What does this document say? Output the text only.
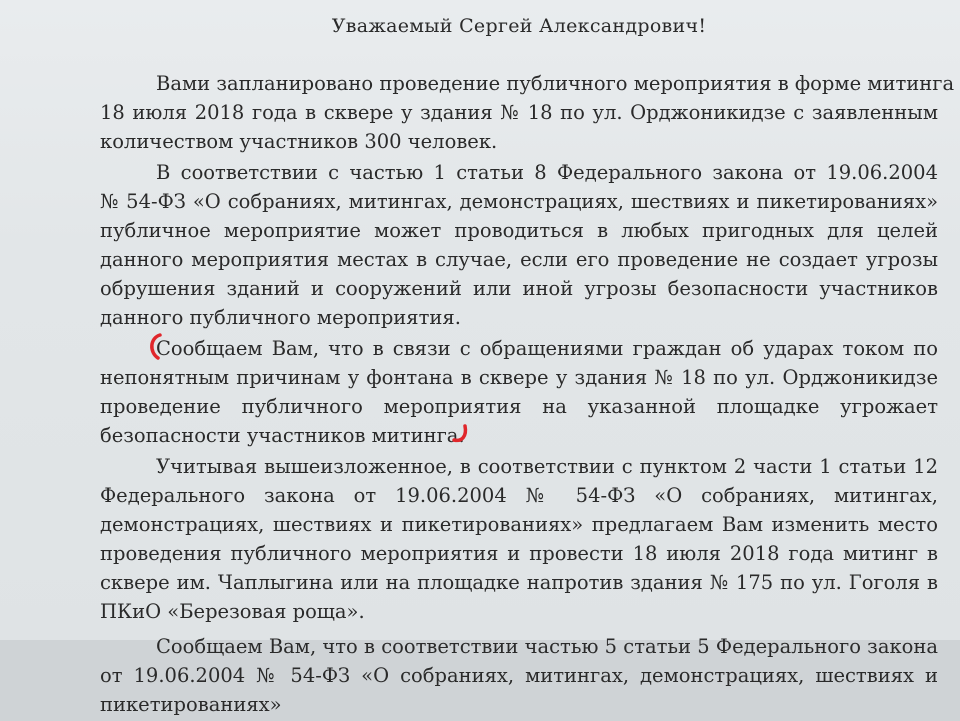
Уважаемый Сергей Александрович!
Вами запланировано проведение публичного мероприятия в форме митинга
18 июля 2018 года в сквере у здания № 18 по ул. Орджоникидзе с заявленным
количеством участников 300 человек.
В соответствии с частью 1 статьи 8 Федерального закона от 19.06.2004
№ 54-ФЗ «О собраниях, митингах, демонстрациях, шествиях и пикетированиях»
публичное мероприятие может проводиться в любых пригодных для целей
данного мероприятия местах в случае, если его проведение не создает угрозы
обрушения зданий и сооружений или иной угрозы безопасности участников
данного публичного мероприятия.
Сообщаем Вам, что в связи с обращениями граждан об ударах током по
непонятным причинам у фонтана в сквере у здания № 18 по ул. Орджоникидзе
проведение публичного мероприятия на указанной площадке угрожает
безопасности участников митинга.
Учитывая вышеизложенное, в соответствии с пунктом 2 части 1 статьи 12
Федерального закона от 19.06.2004 № 54-ФЗ «О собраниях, митингах,
демонстрациях, шествиях и пикетированиях» предлагаем Вам изменить место
проведения публичного мероприятия и провести 18 июля 2018 года митинг в
сквере им. Чаплыгина или на площадке напротив здания № 175 по ул. Гоголя в
ПКиО «Березовая роща».
Сообщаем Вам, что в соответствии частью 5 статьи 5 Федерального закона
от 19.06.2004 № 54-ФЗ «О собраниях, митингах, демонстрациях, шествиях и
пикетированиях»
